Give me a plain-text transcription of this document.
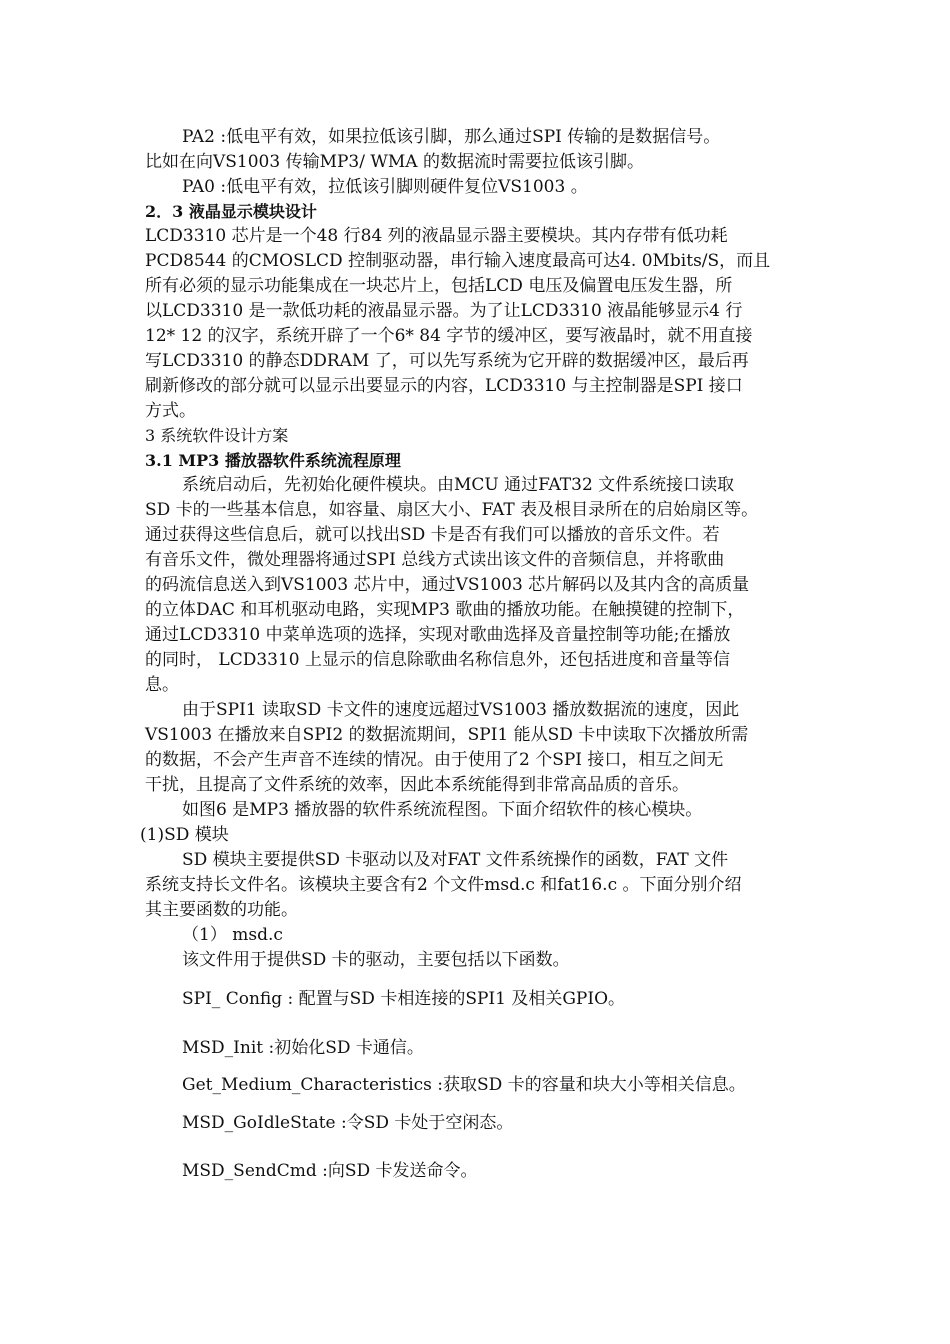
PA2 :低电平有效，如果拉低该引脚，那么通过SPI 传输的是数据信号。
比如在向VS1003 传输MP3/ WMA 的数据流时需要拉低该引脚。
PA0 :低电平有效，拉低该引脚则硬件复位VS1003 。
2．3 液晶显示模块设计
LCD3310 芯片是一个48 行84 列的液晶显示器主要模块。其内存带有低功耗
PCD8544 的CMOSLCD 控制驱动器，串行输入速度最高可达4. 0Mbits/S，而且
所有必须的显示功能集成在一块芯片上，包括LCD 电压及偏置电压发生器，所
以LCD3310 是一款低功耗的液晶显示器。为了让LCD3310 液晶能够显示4 行
12* 12 的汉字，系统开辟了一个6* 84 字节的缓冲区，要写液晶时，就不用直接
写LCD3310 的静态DDRAM 了，可以先写系统为它开辟的数据缓冲区，最后再
刷新修改的部分就可以显示出要显示的内容，LCD3310 与主控制器是SPI 接口
方式。
3 系统软件设计方案
3.1 MP3 播放器软件系统流程原理
系统启动后，先初始化硬件模块。由MCU 通过FAT32 文件系统接口读取
SD 卡的一些基本信息，如容量、扇区大小、FAT 表及根目录所在的启始扇区等。
通过获得这些信息后，就可以找出SD 卡是否有我们可以播放的音乐文件。若
有音乐文件，微处理器将通过SPI 总线方式读出该文件的音频信息，并将歌曲
的码流信息送入到VS1003 芯片中，通过VS1003 芯片解码以及其内含的高质量
的立体DAC 和耳机驱动电路，实现MP3 歌曲的播放功能。在触摸键的控制下，
通过LCD3310 中菜单选项的选择，实现对歌曲选择及音量控制等功能;在播放
的同时， LCD3310 上显示的信息除歌曲名称信息外，还包括进度和音量等信
息。
由于SPI1 读取SD 卡文件的速度远超过VS1003 播放数据流的速度，因此
VS1003 在播放来自SPI2 的数据流期间，SPI1 能从SD 卡中读取下次播放所需
的数据，不会产生声音不连续的情况。由于使用了2 个SPI 接口，相互之间无
干扰，且提高了文件系统的效率，因此本系统能得到非常高品质的音乐。
如图6 是MP3 播放器的软件系统流程图。下面介绍软件的核心模块。
(1)SD 模块
SD 模块主要提供SD 卡驱动以及对FAT 文件系统操作的函数，FAT 文件
系统支持长文件名。该模块主要含有2 个文件msd.c 和fat16.c 。下面分别介绍
其主要函数的功能。
（1） msd.c
该文件用于提供SD 卡的驱动，主要包括以下函数。
SPI_ Config : 配置与SD 卡相连接的SPI1 及相关GPIO。
MSD_Init :初始化SD 卡通信。
Get_Medium_Characteristics :获取SD 卡的容量和块大小等相关信息。
MSD_GoIdleState :令SD 卡处于空闲态。
MSD_SendCmd :向SD 卡发送命令。
